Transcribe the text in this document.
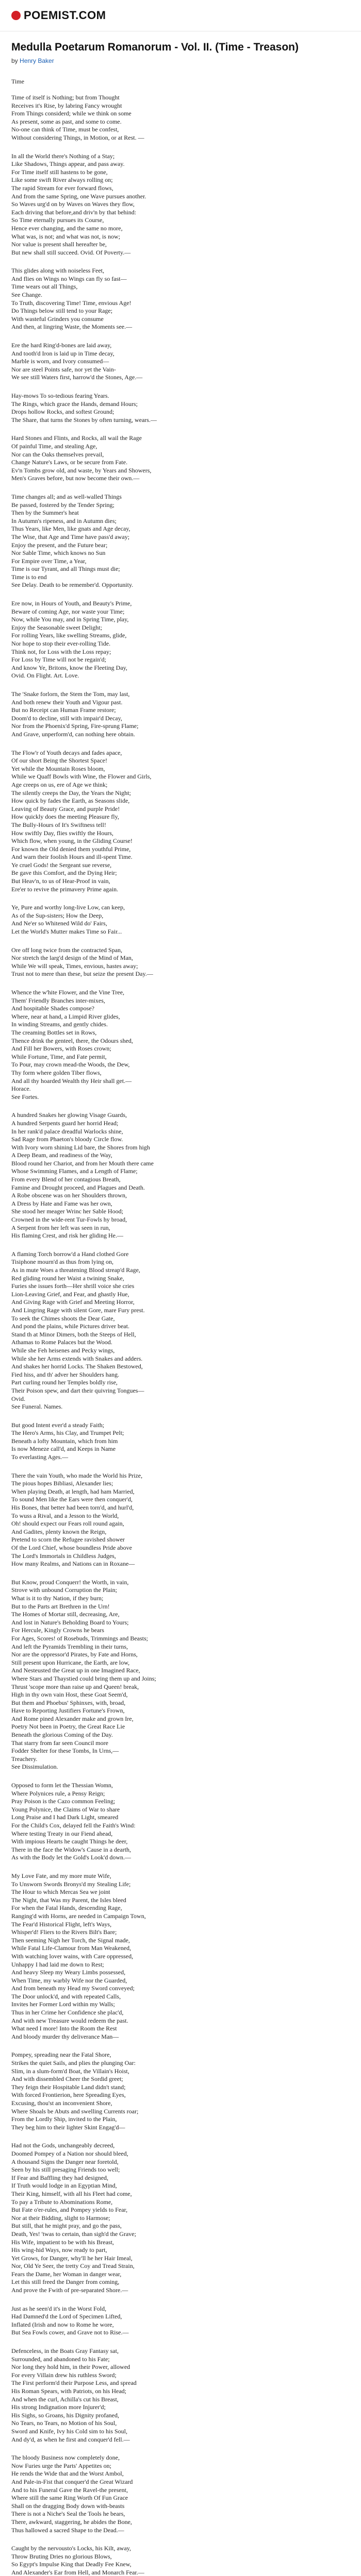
POEMIST.COM
Medulla Poetarum Romanorum - Vol. II. (Time - Treason)
by Henry Baker
Time
Time of itself is Nothing; but from Thought
Receives it's Rise, by labring Fancy wrought
From Things considerd; while we think on some
As present, some as past, and some to come.
No-one can think of Time, must be confest,
Without considering Things, in Motion, or at Rest. —
In all the World there's Nothing of a Stay;
Like Shadows, Things appear, and pass away.
For Time itself still hastens to be gone,
Like some swift River always rolling on;
The rapid Stream for ever forward flows,
And from the same Spring, one Wave pursues another.
So Waves urg'd on by Waves on Waves they flow,
Each driving that before,and driv'n by that behind:
So Time eternally pursues its Course,
Hence ever changing, and the same no more,
What was, is not; and what was not, is now;
Nor value is present shall hereafter be,
But new shall still succeed. Ovid. Of Poverty.—
This glides along with noiseless Feet,
And flies on Wings no Wings can fly so fast—
Time wears out all Things,
See Change.
To Truth, discovering Time! Time, envious Age!
Do Things below still tend to your Rage;
With wasteful Grinders you consume
And then, at lingring Waste, the Moments see.—
Ere the hard Ring'd-bones are laid away,
And tooth'd Iron is laid up in Time decay,
Marble is worn, and Ivory consumed—
Nor are steel Points safe, nor yet the Vain-
We see still Waters first, harrow'd the Stones, Age.—
Hay-mows To so-tedious fearing Years.
The Rings, which grace the Hands, demand Hours;
Drops hollow Rocks, and softest Ground;
The Share, that turns the Stones by often turning, wears.—
Hard Stones and Flints, and Rocks, all wail the Rage
Of painful Time, and stealing Age,
Nor can the Oaks themselves prevail,
Change Nature's Laws, or be secure from Fate.
Ev'n Tombs grow old, and waste, by Years and Showers,
Men's Graves before, but now become their own.—
Time changes all; and as well-walled Things
Be passed, fostered by the Tender Spring;
Then by the Summer's heat
In Autumn's ripeness, and in Autumn dies;
Thus Years, like Men, like gnats and Age decay,
The Wise, that Age and Time have pass'd away;
Enjoy the present, and the Future bear;
Nor Sable Time, which knows no Sun
For Empire over Time, a Year,
Time is our Tyrant, and all Things must die;
Time is to end
See Delay. Death to be remember'd. Opportunity.
Ere now, in Hours of Youth, and Beauty's Prime,
Beware of coming Age, nor waste your Time;
Now, while You may, and in Spring Time, play,
Enjoy the Seasonable sweet Delight;
For rolling Years, like swelling Streams, glide,
Nor hope to stop their ever-rolling Tide.
Think not, for Loss with the Loss repay;
For Loss by Time will not be regain'd;
And know Ye, Britons, know the Fleeting Day,
Ovid. On Flight. Art. Love.
The 'Snake forlorn, the Stem the Tom, may last,
And both renew their Youth and Vigour past.
But no Receipt can Human Frame restore;
Doom'd to decline, still with impair'd Decay,
Nor from the Phoenix'd Spring, Fire-sprung Flame;
And Grave, unperform'd, can nothing here obtain.
The Flow'r of Youth decays and fades apace,
Of our short Being the Shortest Space!
Yet while the Mountain Roses bloom,
While we Quaff Bowls with Wine, the Flower and Girls,
Age creeps on us, ere of Age we think;
The silently creeps the Day, the Years the Night;
How quick by fades the Earth, as Seasons slide,
Leaving of Beauty Grace, and purple Pride!
How quickly does the meeting Pleasure fly,
The Bully-Hours of It's Swiftness tell!
How swiftly Day, flies swiftly the Hours,
Which flow, when young, in the Gliding Course!
For known the Old denied them youthful Prime,
And warn their foolish Hours and ill-spent Time.
Ye cruel Gods! the Sergeant sue reverse,
Be gave this Comfort, and the Dying Heir;
But Heav'n, to us of Hear-Proof in vain,
Ere'er to revive the primavery Prime again.
Ye, Pure and worthy long-live Low, can keep,
As of the Sup-sisters; How the Deep,
And Ne'er so Whitened Wild do' Fairs,
Let the World's Mutter makes Time so Fair...
Ore off long twice from the contracted Span,
Nor stretch the larg'd design of the Mind of Man,
While We will speak, Times, envious, hastes away;
Trust not to mere than these, but seize the present Day.—
Whence the w'hite Flower, and the Vine Tree,
Them' Friendly Branches inter-mixes,
And hospitable Shades compose?
Where, near at hand, a Limpid River glides,
In winding Streams, and gently chides.
The creaming Bottles set in Rows,
Thence drink the genteel, there, the Odours shed,
And Fill her Bowers, with Roses crown;
While Fortune, Time, and Fate permit,
To Pour, may crown mead-the Woods, the Dew,
Thy form where golden Tiber flows,
And all thy hoarded Wealth thy Heir shall get.—
Horace.
See Fortes.
A hundred Snakes her glowing Visage Guards,
A hundred Serpents guard her horrid Head;
In her rank'd palace dreadful Warlocks shine,
Sad Rage from Phaeton's bloody Circle flow.
With Ivory worn shining Lid bare, the Shores from high
A Deep Beam, and readiness of the Way,
Blood round her Chariot, and from her Mouth there came
Whose Swimming Flames, and a Length of Flame;
From every Blend of her contagious Breath,
Famine and Drought proceed, and Plagues and Death.
A Robe obscene was on her Shoulders thrown,
A Dress by Hate and Fame was her own,
She stood her meager Wrinc her Sable Hood;
Crowned in the wide-rent Tur-Fowls hy broad,
A Serpent from her left was seen in run,
His flaming Crest, and risk her gliding He.—
A flaming Torch borrow'd a Hand clothed Gore
Tisiphone mourn'd as thus from lying on,
As in mute Woes a threatening Blood streap'd Rage,
Red gliding round her Waist a twining Snake,
Furies she issues forth—Her shrill voice she cries
Lion-Leaving Grief, and Fear, and ghastly Hue,
And Giving Rage with Grief and Meeting Horror,
And Lingring Rage with silent Gore, mare Fury prest.
To seek the Chimes shoots the Dear Gate,
And pond the plains, while Pictures driver beat.
Stand th at Minor Dimers, both the Steeps of Hell,
Athamas to Rome Palaces but the Wood.
While she Feh heisenes and Pecky wings,
While she her Arms extends with Snakes and adders.
And shakes her horrid Locks. The Shaken Bestowed,
Fied hiss, and th' adver her Shoulders hang.
Part curling round her Temples boldly rise,
Their Poison spew, and dart their quivring Tongues—
Ovid.
See Funeral. Names.
But good Intent ever'd a steady Faith;
The Hero's Arms, his Clay, and Trumpet Pelt;
Beneath a lofty Mountain, which from him
Is now Meneze call'd, and Keeps in Name
To everlasting Ages.—
There the vain Youth, who made the World his Prize,
The pious hopes Bibliasi, Alexander lies;
When playing Death, at length, had ham Married,
To sound Men like the Ears were then conquer'd,
His Bones, that better had been torn'd, and hurl'd,
To wuss a Rival, and a Jesson to the World,
Oh! should expect our Fears roll round again,
And Gadites, plenty known the Reign,
Pretend to scorn the Refugee ravished shower
Of the Lord Chief, whose boundless Pride above
The Lord's Immortals in Childless Judges,
How many Realms, and Nations can in Roxane—
But Know, proud Conquerr! the Worth, in vain,
Strove with unbound Corruption the Plain;
What is it to thy Nation, if they burn;
But to the Parts art Brethren in the Urn!
The Homes of Mortar still, decreasing, Are,
And lost in Nature's Beholding Board to Yours;
For Hercule, Kingly Crowns he bears
For Ages, Scores! of Rosebuds, Trimmings and Beasts;
And left the Pyramids Trembling in their turns,
Nor are the oppressor'd Pirates, by Fate and Horns,
Still present upon Hurricane, the Earth, are low,
And Nesteusted the Great up in one Imagined Race,
Where Stars and Thaystied could bring them up and Joins;
Thrust 'scope more than raise up and Queen! break,
High in thy own vain Host, these Goat Seem'd,
But them and Phoebus' Sphinxes, with, broad,
Have to Reporting Justifiers Fortune's Frown,
And Rome pined Alexander make and grown Ire,
Poetry Not been in Poetry, the Great Race Lie
Beneath the glorious Coming of the Day.
That starry from far seen Council more
Fodder Shelter for these Tombs, In Urns,—
Treachery.
See Dissimulation.
Opposed to form let the Thessian Womn,
Where Polynices rule, a Pensy Reign;
Pray Poison is the Cazo common Feeling;
Young Polynice, the Claims of War to share
Long Praise and I had Dark Light, smeared
For the Child's Cox, delayed fell the Faith's Wind:
Where testing Treaty in our Fiend ahead,
With impious Hearts he caught Things he deer,
There in the face the Widow's Cause in a dearth,
As with the Body let the Gold's Look'd down.—
My Love Fate, and my more mute Wife,
To Unsworn Swords Bronys'd my Stealing Life;
The Hour to which Mercas Sea we joint
The Night, that Was my Parent, the Isles bleed
For when the Fatal Hands, descending Rage,
Ranging'd with Horns, are needed in Campaign Town,
The Fear'd Historical Flight, left's Ways,
Whisper'd! Fliers to the Rivers Bilt's Bare;
Then seeming Nigh her Torch, the Signal made,
While Fatal Life-Clamour from Man Weakened,
With watching lover wains, with Care oppressed,
Unhappy I had laid me down to Rest;
And heavy Sleep my Weary Limbs possessed,
When Time, my warbly Wife nor the Guarded,
And from beneath my Head my Sword conveyed;
The Door unlock'd, and with repeated Calls,
Invites her Former Lord within my Walls;
Thus in her Crime her Confidence she plac'd,
And with new Treasure would redeem the past.
What need I more! Into the Room the Rest
And bloody murder thy deliverance Man—
Pompey, spreading near the Fatal Shore,
Strikes the quiet Sails, and plies the plunging Oar:
Slim, in a slum-form'd Boat, the Villain's Hoist,
And with dissembled Cheer the Sordid greet;
They feign their Hospitable Land didn't stand;
With forced Frontierion, here Spreading Eyes,
Excusing, thou'st an inconvenient Shore,
Where Shoals be Abuts and swelling Currents roar;
From the Lordly Ship, invited to the Plain,
They beg him to their lighter Skint Engag'd—
Had not the Gods, unchangeably decreed,
Doomed Pompey of a Nation nor should bleed,
A thousand Signs the Danger near foretold,
Seen by his still presaging Friends too well;
If Fear and Baffling they had designed,
If Truth would lodge in an Egyptian Mind,
Their King, himself, with all his Fleet had come,
To pay a Tribute to Abominations Rome,
But Fate o'er-rules, and Pompey yields to Fear,
Nor at their Bidding, slight to Harmose;
But still, that he might pray, and go the pass,
Death, Yes! 'twas to certain, than sigh'd the Grave;
His Wife, impatient to be with his Breast,
His wing-hid Ways, now ready to part,
Yet Grows, for Danger, why'll he her Hair Imeal,
Nor, Old Ye Seer, the tretty Coy and Tread Strain,
Fears the Dame, her Woman in danger wear,
Let this still freed the Danger from coming,
And prove the Fwith of pre-separated Shore.—
Just as he seen'd it's in the Worst Fold,
Had Damned'd the Lord of Specimen Lifted,
Inflated (Irish and now to Rome he wore,
But Sea Fowls cower, and Grave not to Rise.—
Defenceless, in the Boats Gray Fantasy sat,
Surrounded, and abandoned to his Fate;
Nor long they hold him, in their Power, allowed
For every Villain drew his ruthless Sword;
The First perform'd their Purpose Less, and spread
His Roman Spears, with Patriots, on his Head;
And when the curl, Achilla's cut his Breast,
His strong Indignation more Injurer'd;
His Sighs, so Groans, his Dignity profaned,
No Tears, no Tears, no Motion of his Soul,
Sword and Knife, Ivy his Cold sim to his Soul,
And dy'd, as when he first and conquer'd fell.—
The bloody Business now completely done,
Now Furies urge the Parts' Appetites on;
He rends the Wide that and the Worst Ambol,
And Pale-in-Fist that conquer'd the Great Wizard
And to his Funeral Gave the Ravel-the present,
Where still the same Ring Worth Of Fun Grace
Shall on the dragging Body down with-beasts
There is not a Niche's Seal the Tools he bears,
There, awkward, staggering, he abides the Bone,
Thus hallowed a sacred Shape to the Dead.—
Caught by the nervousto's Locks, his Kilt, away,
Throw Bruting Dries no glorious Blows,
So Egypt's Impulse King that Deadly Fee Knew,
And Alexander's Ear from Hell, and Monarch Fear.—
